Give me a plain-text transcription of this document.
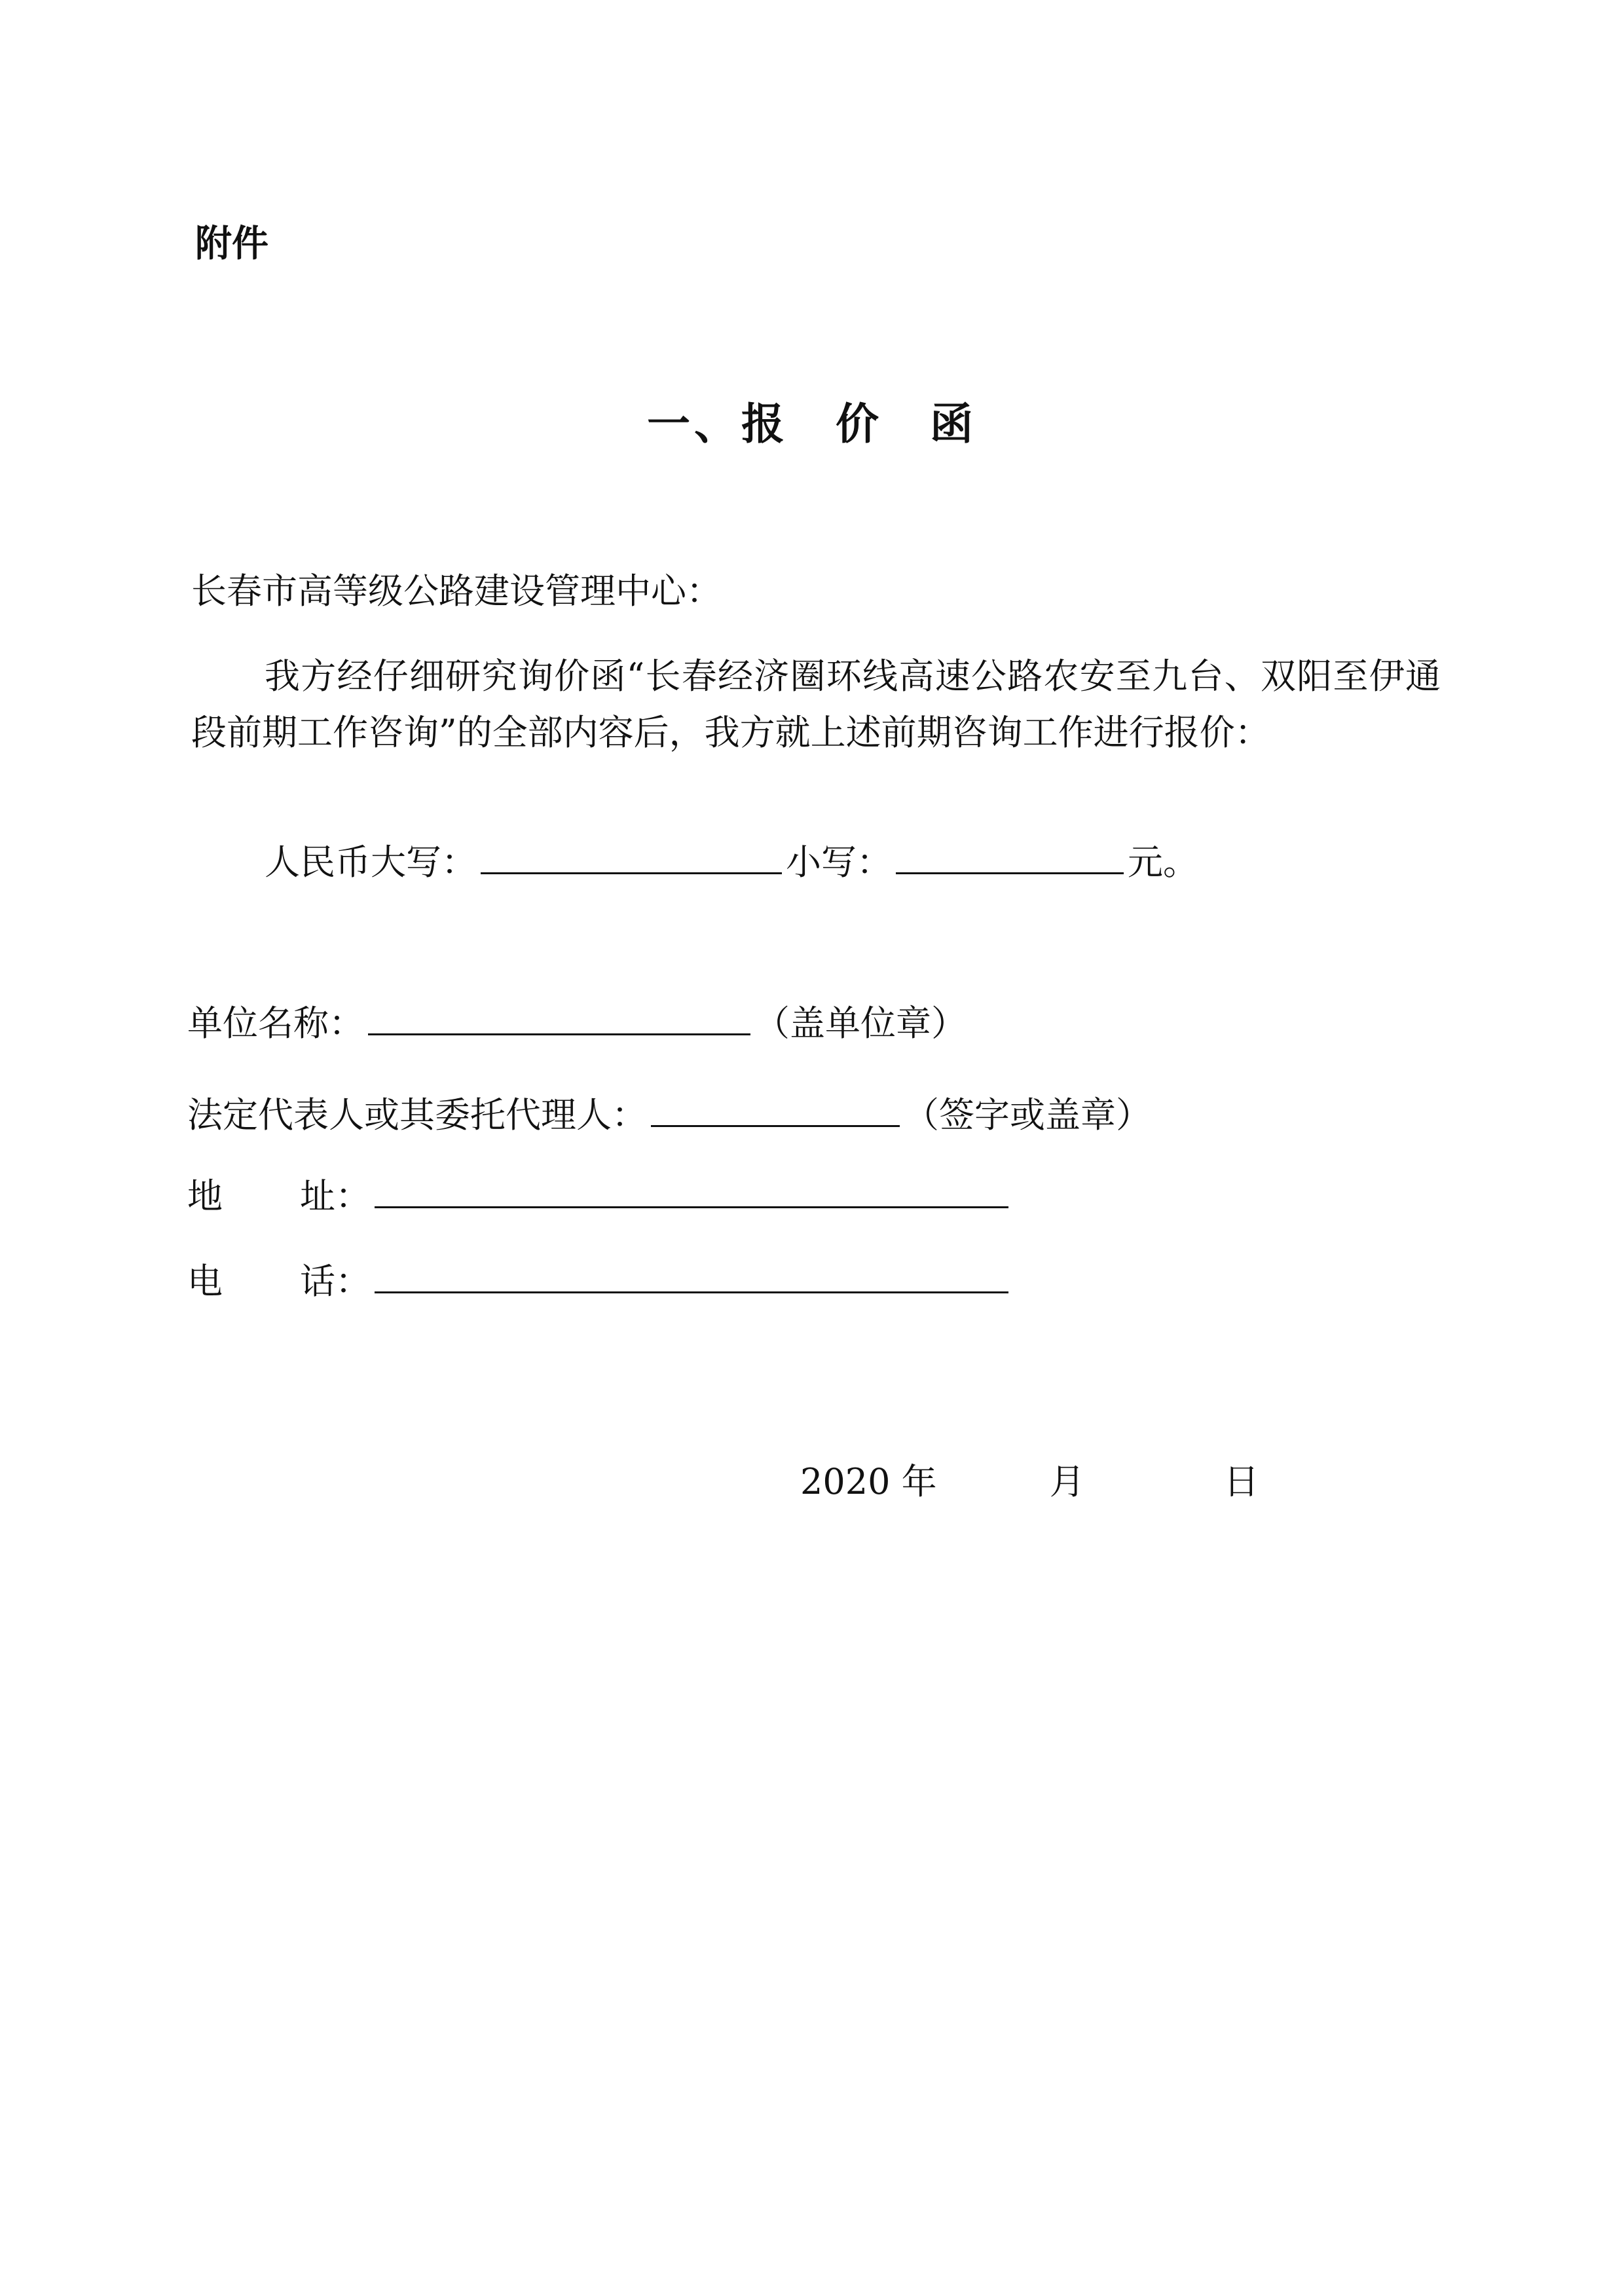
附件
一、报　价　函
长春市高等级公路建设管理中心：
我方经仔细研究询价函“长春经济圈环线高速公路农安至九台、双阳至伊通段前期工作咨询”的全部内容后，我方就上述前期咨询工作进行报价：
人民币大写：	小写：	元。
单位名称：	（盖单位章）
法定代表人或其委托代理人：	（签字或盖章）
地 址：
电 话：
2020 年	月	日
